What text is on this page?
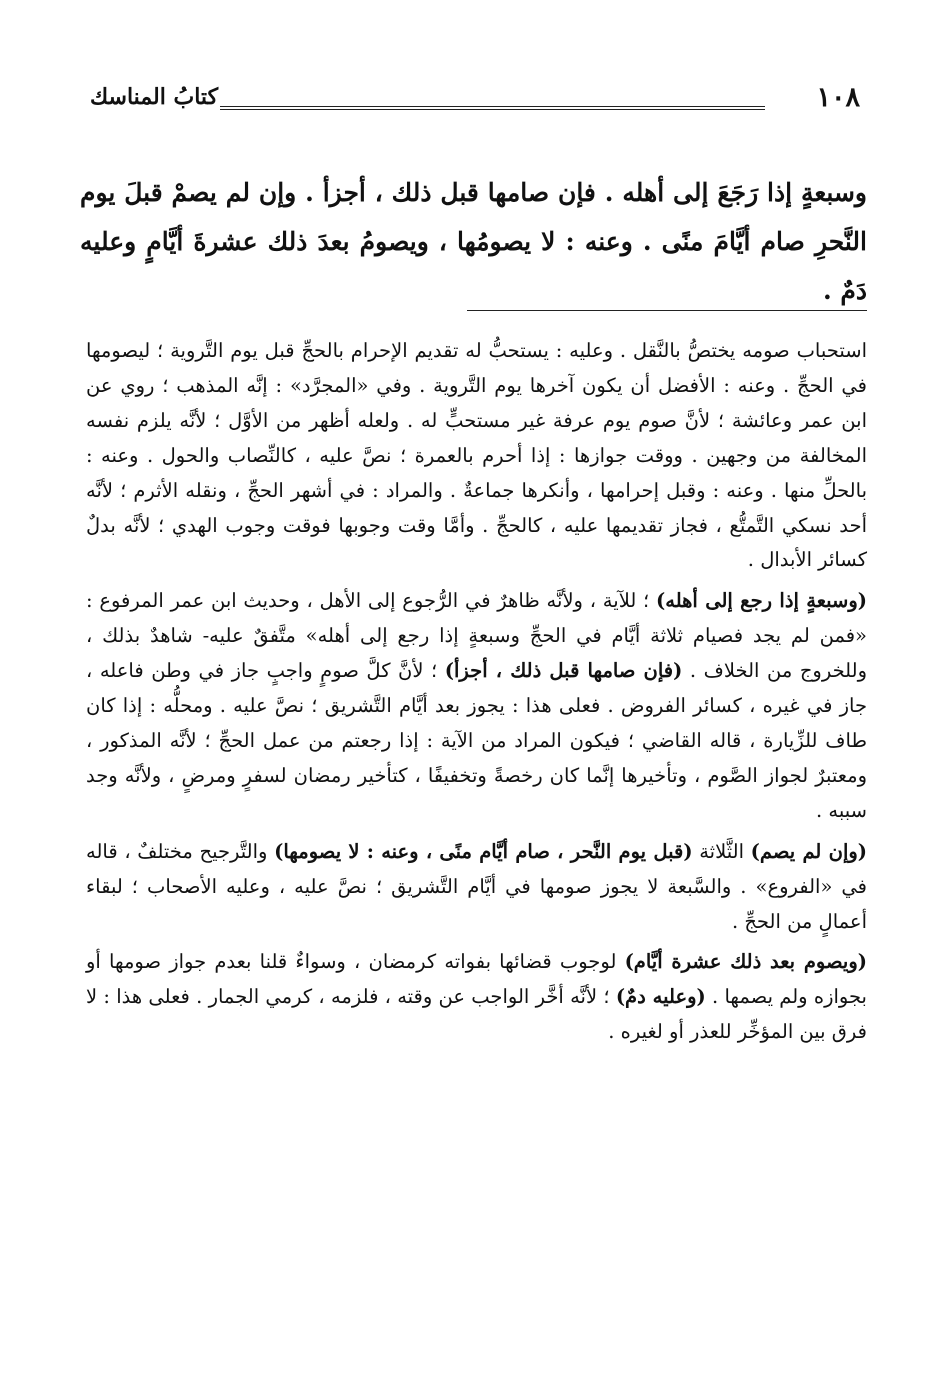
١٠٨
كتابُ المناسك
وسبعةٍ إذا رَجَعَ إلى أهله . فإن صامها قبل ذلك ، أجزأ . وإن لم يصمْ قبلَ يوم النَّحرِ صام أيَّامَ منًى . وعنه : لا يصومُها ، ويصومُ بعدَ ذلك عشرةَ أيَّامٍ وعليه دَمٌ .

استحباب صومه يختصُّ بالنَّقل . وعليه : يستحبُّ له تقديم الإحرام بالحجِّ قبل يوم التَّروية ؛ ليصومها في الحجِّ . وعنه : الأفضل أن يكون آخرها يوم التَّروية . وفي «المجرَّد» : إنَّه المذهب ؛ روي عن ابن عمر وعائشة ؛ لأنَّ صوم يوم عرفة غير مستحبٍّ له . ولعله أظهر من الأوَّل ؛ لأنَّه يلزم نفسه المخالفة من وجهين . ووقت جوازها : إذا أحرم بالعمرة ؛ نصَّ عليه ، كالنِّصاب والحول . وعنه : بالحلِّ منها . وعنه : وقبل إحرامها ، وأنكرها جماعةٌ . والمراد : في أشهر الحجِّ ، ونقله الأثرم ؛ لأنَّه أحد نسكي التَّمتُّع ، فجاز تقديمها عليه ، كالحجِّ . وأمَّا وقت وجوبها فوقت وجوب الهدي ؛ لأنَّه بدلٌ كسائر الأبدال .

(وسبعةٍ إذا رجع إلى أهله) ؛ للآية ، ولأنَّه ظاهرٌ في الرُّجوع إلى الأهل ، وحديث ابن عمر المرفوع : «فمن لم يجد فصيام ثلاثة أيَّام في الحجِّ وسبعةٍ إذا رجع إلى أهله» متَّفقٌ عليه- شاهدٌ بذلك ، وللخروج من الخلاف . (فإن صامها قبل ذلك ، أجزأ) ؛ لأنَّ كلَّ صومٍ واجبٍ جاز في وطن فاعله ، جاز في غيره ، كسائر الفروض . فعلى هذا : يجوز بعد أيَّام التَّشريق ؛ نصَّ عليه . ومحلُّه : إذا كان طاف للزِّيارة ، قاله القاضي ؛ فيكون المراد من الآية : إذا رجعتم من عمل الحجِّ ؛ لأنَّه المذكور ، ومعتبرٌ لجواز الصَّوم ، وتأخيرها إنَّما كان رخصةً وتخفيفًا ، كتأخير رمضان لسفرٍ ومرضٍ ، ولأنَّه وجد سببه .

(وإن لم يصم) الثَّلاثة (قبل يوم النَّحر ، صام أيَّام منًى ، وعنه : لا يصومها) والتَّرجيح مختلفٌ ، قاله في «الفروع» . والسَّبعة لا يجوز صومها في أيَّام التَّشريق ؛ نصَّ عليه ، وعليه الأصحاب ؛ لبقاء أعمالٍ من الحجِّ .

(ويصوم بعد ذلك عشرة أيَّام) لوجوب قضائها بفواته كرمضان ، وسواءٌ قلنا بعدم جواز صومها أو بجوازه ولم يصمها . (وعليه دمٌ) ؛ لأنَّه أخَّر الواجب عن وقته ، فلزمه ، كرمي الجمار . فعلى هذا : لا فرق بين المؤخِّر للعذر أو لغيره .
